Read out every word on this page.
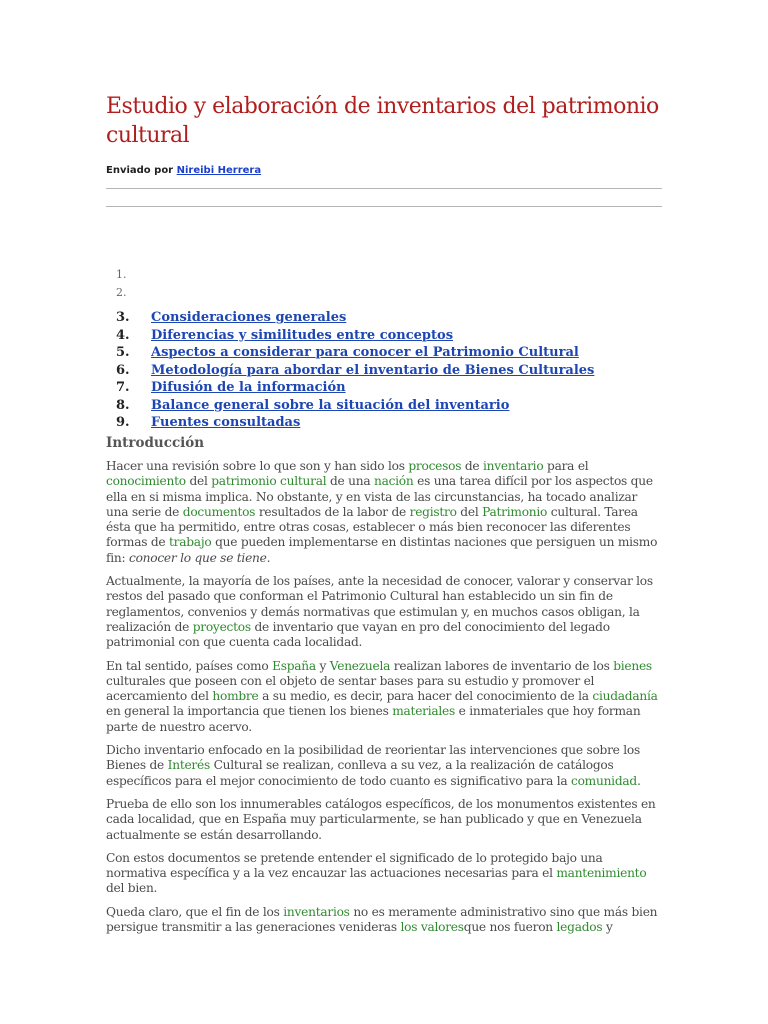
Estudio y elaboración de inventarios del patrimonio cultural
Enviado por Nireibi Herrera
1.
2.
3.	Consideraciones generales
4.	Diferencias y similitudes entre conceptos
5.	Aspectos a considerar para conocer el Patrimonio Cultural
6.	Metodología para abordar el inventario de Bienes Culturales
7.	Difusión de la información
8.	Balance general sobre la situación del inventario
9.	Fuentes consultadas
Introducción

Hacer una revisión sobre lo que son y han sido los procesos de inventario para el conocimiento del patrimonio cultural de una nación es una tarea difícil por los aspectos que ella en si misma implica. No obstante, y en vista de las circunstancias, ha tocado analizar una serie de documentos resultados de la labor de registro del Patrimonio cultural. Tarea ésta que ha permitido, entre otras cosas, establecer o más bien reconocer las diferentes formas de trabajo que pueden implementarse en distintas naciones que persiguen un mismo fin: conocer lo que se tiene.

Actualmente, la mayoría de los países, ante la necesidad de conocer, valorar y conservar los restos del pasado que conforman el Patrimonio Cultural han establecido un sin fin de reglamentos, convenios y demás normativas que estimulan y, en muchos casos obligan, la realización de proyectos de inventario que vayan en pro del conocimiento del legado patrimonial con que cuenta cada localidad.

En tal sentido, países como España y Venezuela realizan labores de inventario de los bienes culturales que poseen con el objeto de sentar bases para su estudio y promover el acercamiento del hombre a su medio, es decir, para hacer del conocimiento de la ciudadanía en general la importancia que tienen los bienes materiales e inmateriales que hoy forman parte de nuestro acervo.

Dicho inventario enfocado en la posibilidad de reorientar las intervenciones que sobre los Bienes de Interés Cultural se realizan, conlleva a su vez, a la realización de catálogos específicos para el mejor conocimiento de todo cuanto es significativo para la comunidad.

Prueba de ello son los innumerables catálogos específicos, de los monumentos existentes en cada localidad, que en España muy particularmente, se han publicado y que en Venezuela actualmente se están desarrollando.

Con estos documentos se pretende entender el significado de lo protegido bajo una normativa específica y a la vez encauzar las actuaciones necesarias para el mantenimiento del bien.

Queda claro, que el fin de los inventarios no es meramente administrativo sino que más bien persigue transmitir a las generaciones venideras los valoresque nos fueron legados y
